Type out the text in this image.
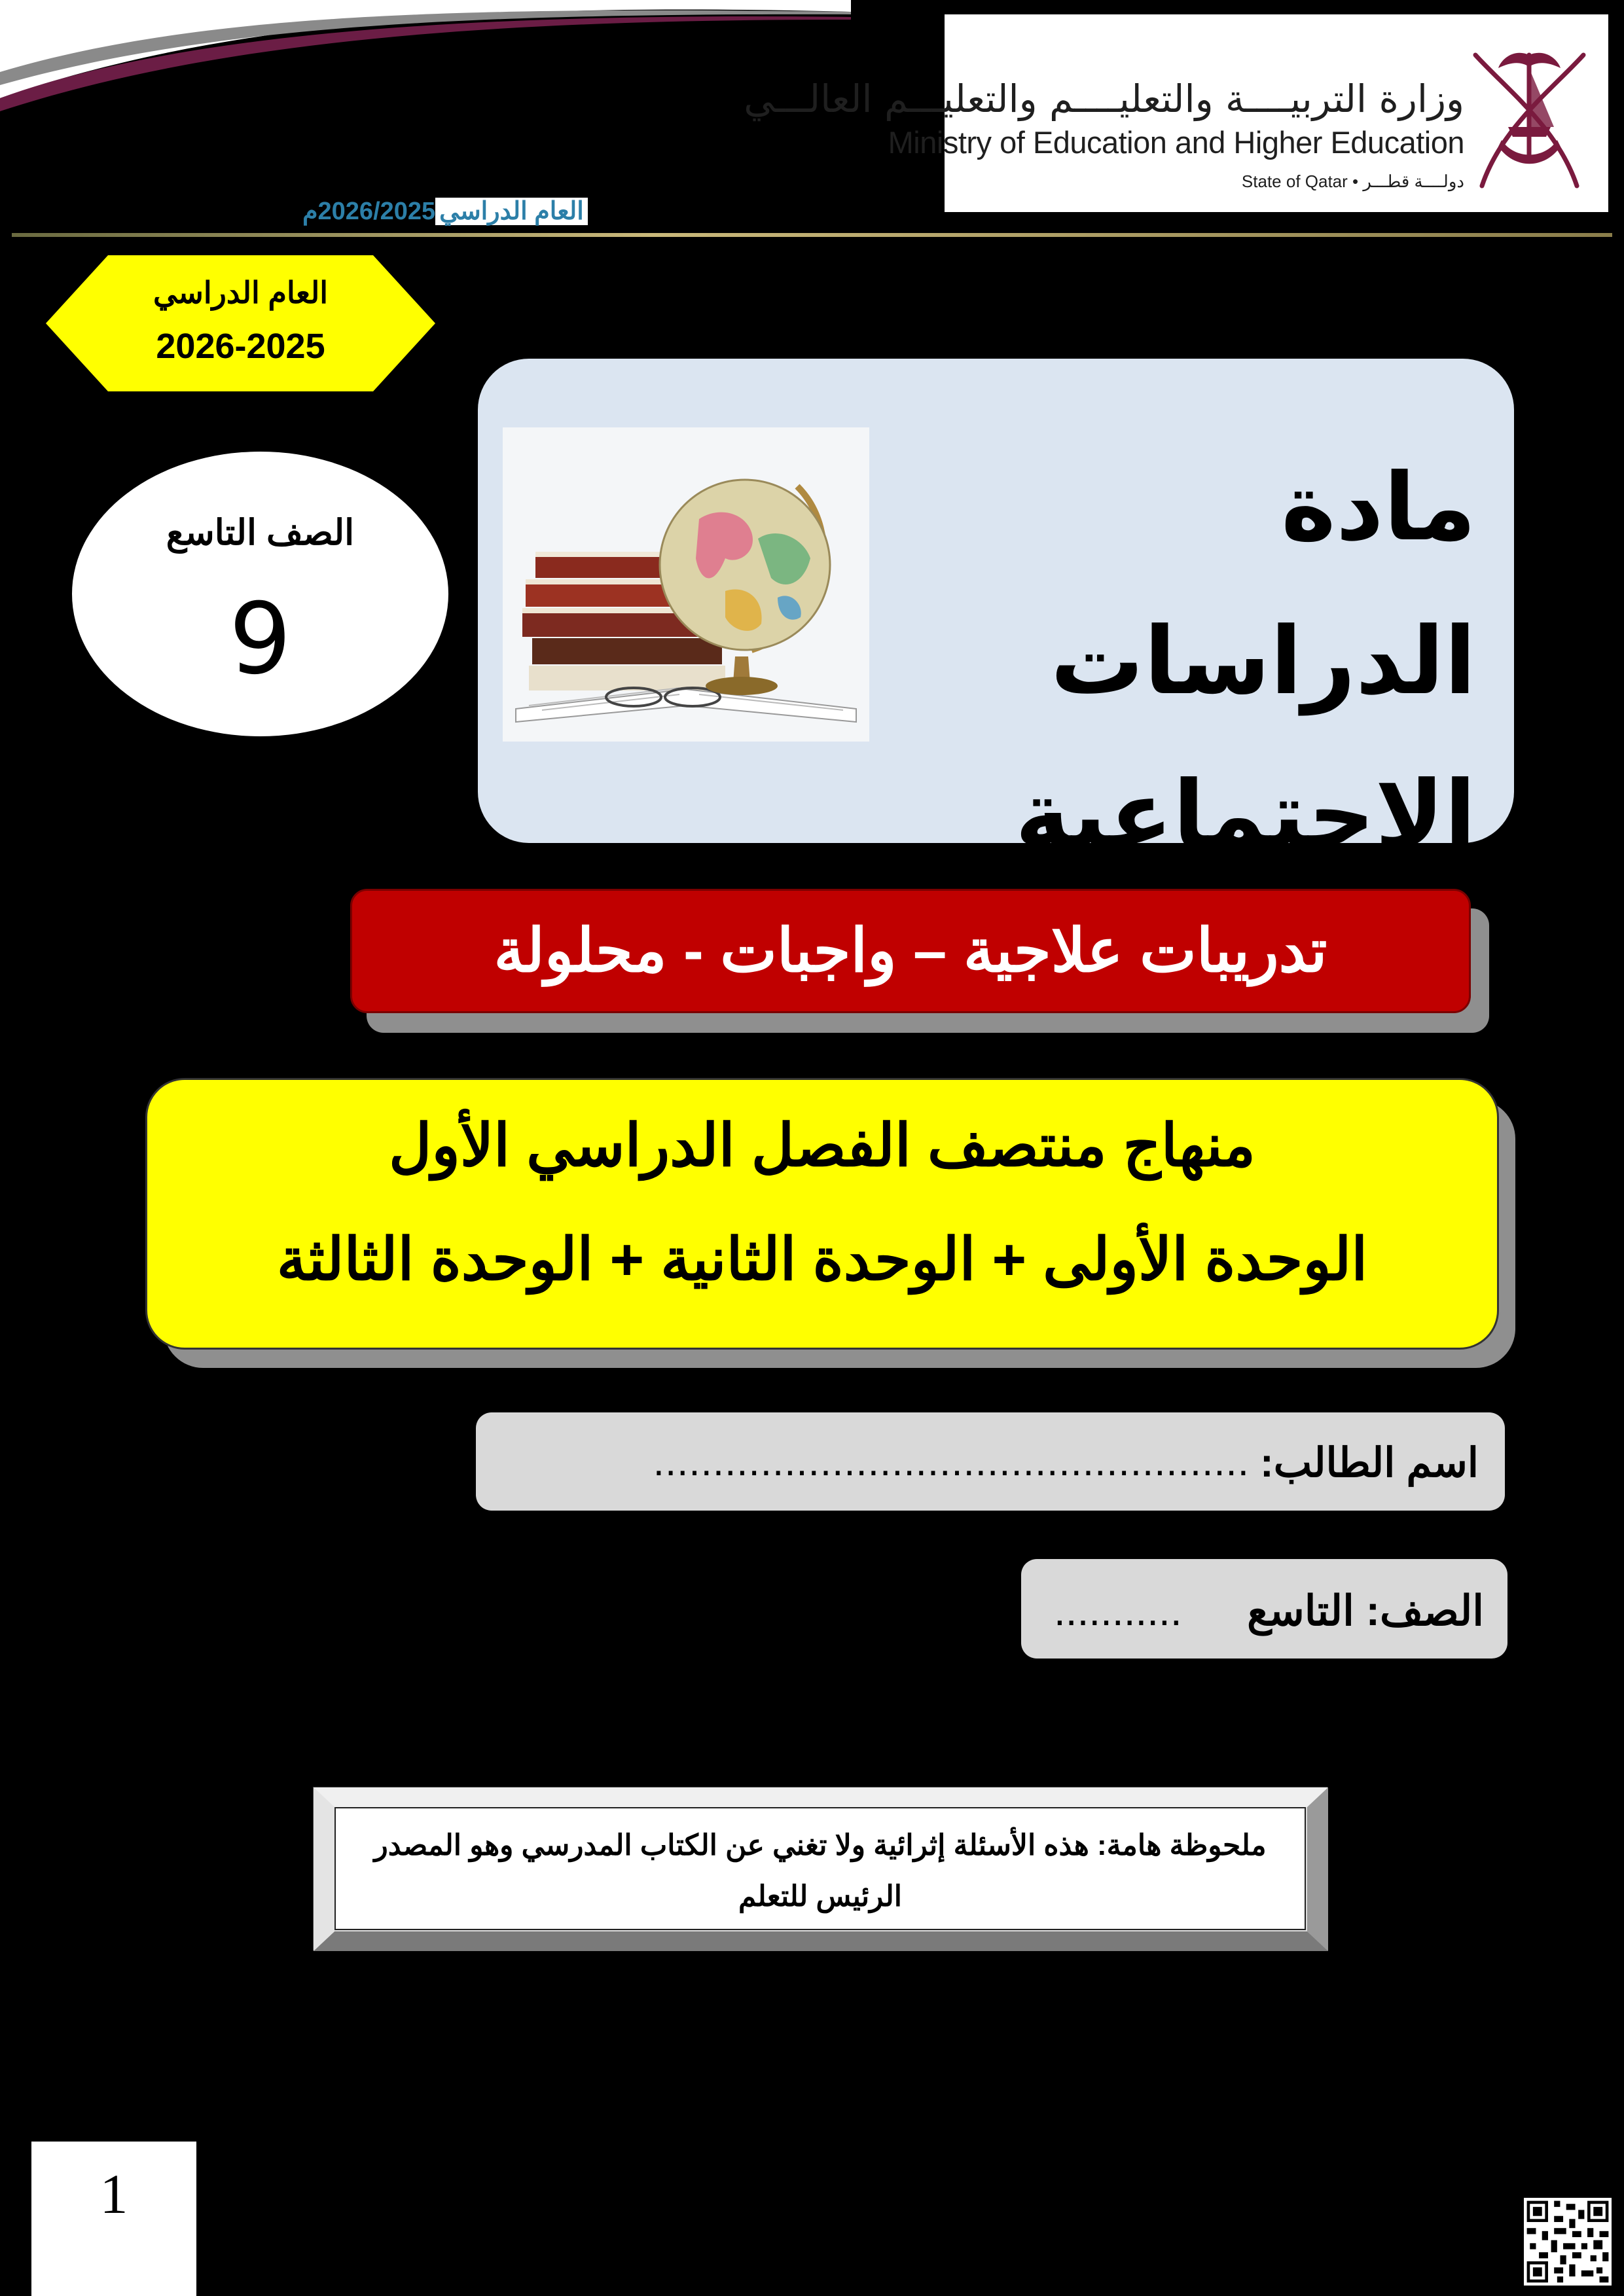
وزارة التربيــــة والتعليــــم والتعليـــم العالـــي
Ministry of Education and Higher Education
State of Qatar • دولــــة قطـــر
العام الدراسي2026/2025م
العام الدراسي
2026-2025
الصف التاسع
9
مادة الدراسات
الاجتماعية
تدريبات علاجية – واجبات - محلولة
منهاج منتصف الفصل الدراسي الأول
الوحدة الأولى + الوحدة الثانية + الوحدة الثالثة
اسم الطالب:
..................................................
الصف: التاسع
...........
ملحوظة هامة: هذه الأسئلة إثرائية ولا تغني عن الكتاب المدرسي وهو المصدر الرئيس للتعلم
1
